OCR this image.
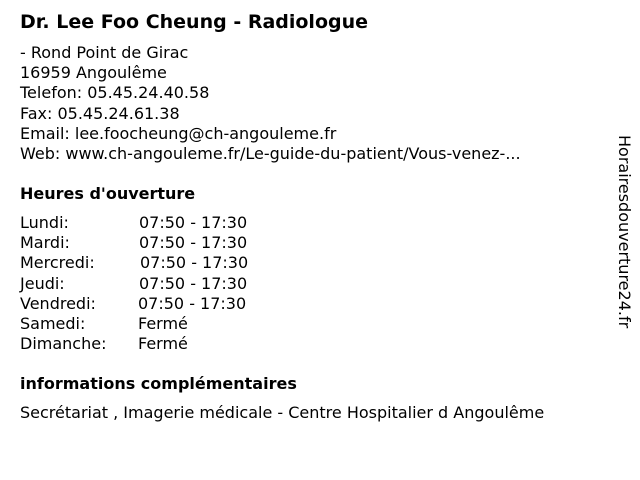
Dr. Lee Foo Cheung - Radiologue
- Rond Point de Girac
16959 Angoulême
Telefon: 05.45.24.40.58
Fax: 05.45.24.61.38
Email: lee.foocheung@ch-angouleme.fr
Web: www.ch-angouleme.fr/Le-guide-du-patient/Vous-venez-...
Heures d'ouverture
Lundi:	07:50 - 17:30
Mardi:	07:50 - 17:30
Mercredi:	07:50 - 17:30
Jeudi:	07:50 - 17:30
Vendredi:	07:50 - 17:30
Samedi:	Fermé
Dimanche: Fermé
informations complémentaires
Secrétariat , Imagerie médicale - Centre Hospitalier d Angoulême
Horairesdouverture24.fr
